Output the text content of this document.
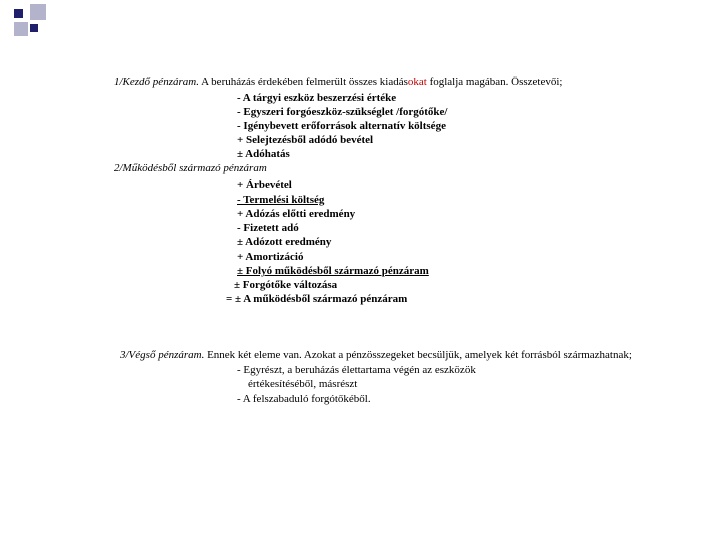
1/Kezdő pénzáram. A beruházás érdekében felmerült összes kiadásokat foglalja magában. Összetevői;
- A tárgyi eszköz beszerzési értéke
- Egyszeri forgóeszköz-szükséglet /forgótőke/
- Igénybevett erőforrások alternatív költsége
+ Selejtezésből adódó bevétel
± Adóhatás
2/Működésből származó pénzáram
+ Árbevétel
- Termelési költség
+ Adózás előtti eredmény
- Fizetett adó
± Adózott eredmény
+ Amortizáció
± Folyó működésből származó pénzáram
± Forgótőke változása
= ± A működésből származó pénzáram
3/Végső pénzáram. Ennek két eleme van. Azokat a pénzösszegeket becsüljük, amelyek két forrásból származhatnak;
- Egyrészt, a beruházás élettartama végén az eszközök
értékesítéséből, másrészt
- A felszabaduló forgótőkéből.
